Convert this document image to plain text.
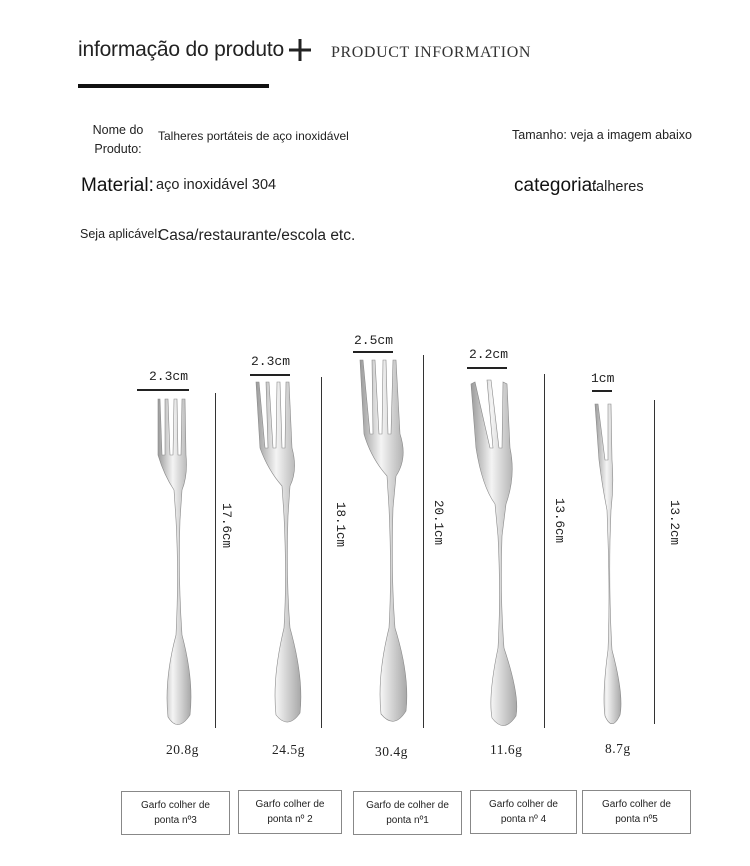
informação do produto	PRODUCT INFORMATION
Nome do Produto:
Talheres portáteis de aço inoxidável	Tamanho: veja a imagem abaixo
Material: aço inoxidável 304	categoria:
talheres
Seja aplicável:
Casa/restaurante/escola etc.
2.3cm
17.6cm
20.8g
Garfo colher de ponta nº3
2.3cm
18.1cm
24.5g
Garfo colher de ponta nº 2
2.5cm
20.1cm
30.4g
Garfo de colher de ponta nº1
2.2cm
13.6cm
11.6g
Garfo colher de ponta nº 4
1cm
13.2cm
8.7g
Garfo colher de ponta nº5
